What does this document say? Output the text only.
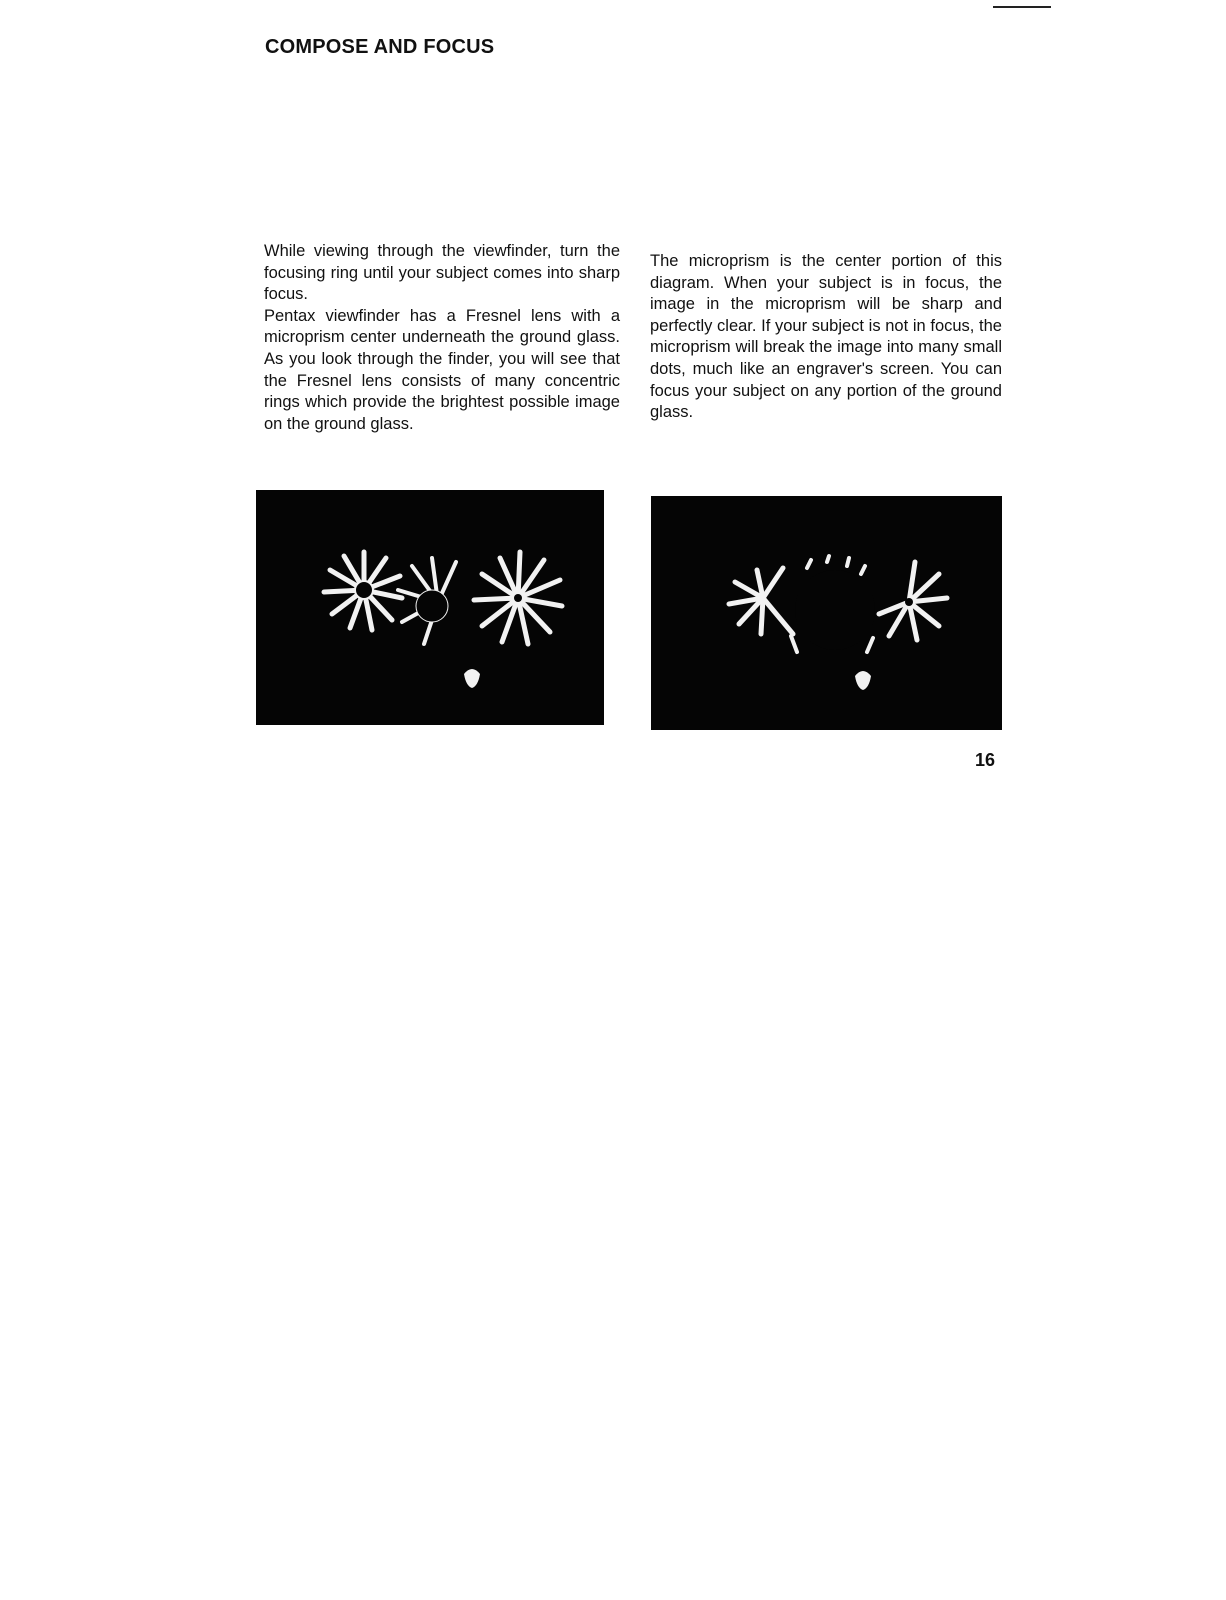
COMPOSE AND FOCUS

While viewing through the viewfinder, turn the focusing ring until your subject comes into sharp focus.

Pentax viewfinder has a Fresnel lens with a microprism center underneath the ground glass. As you look through the finder, you will see that the Fresnel lens consists of many concentric rings which provide the brightest possible image on the ground glass.

The microprism is the center portion of this diagram. When your subject is in focus, the image in the microprism will be sharp and perfectly clear. If your subject is not in focus, the microprism will break the image into many small dots, much like an engraver's screen. You can focus your subject on any portion of the ground glass.

16
